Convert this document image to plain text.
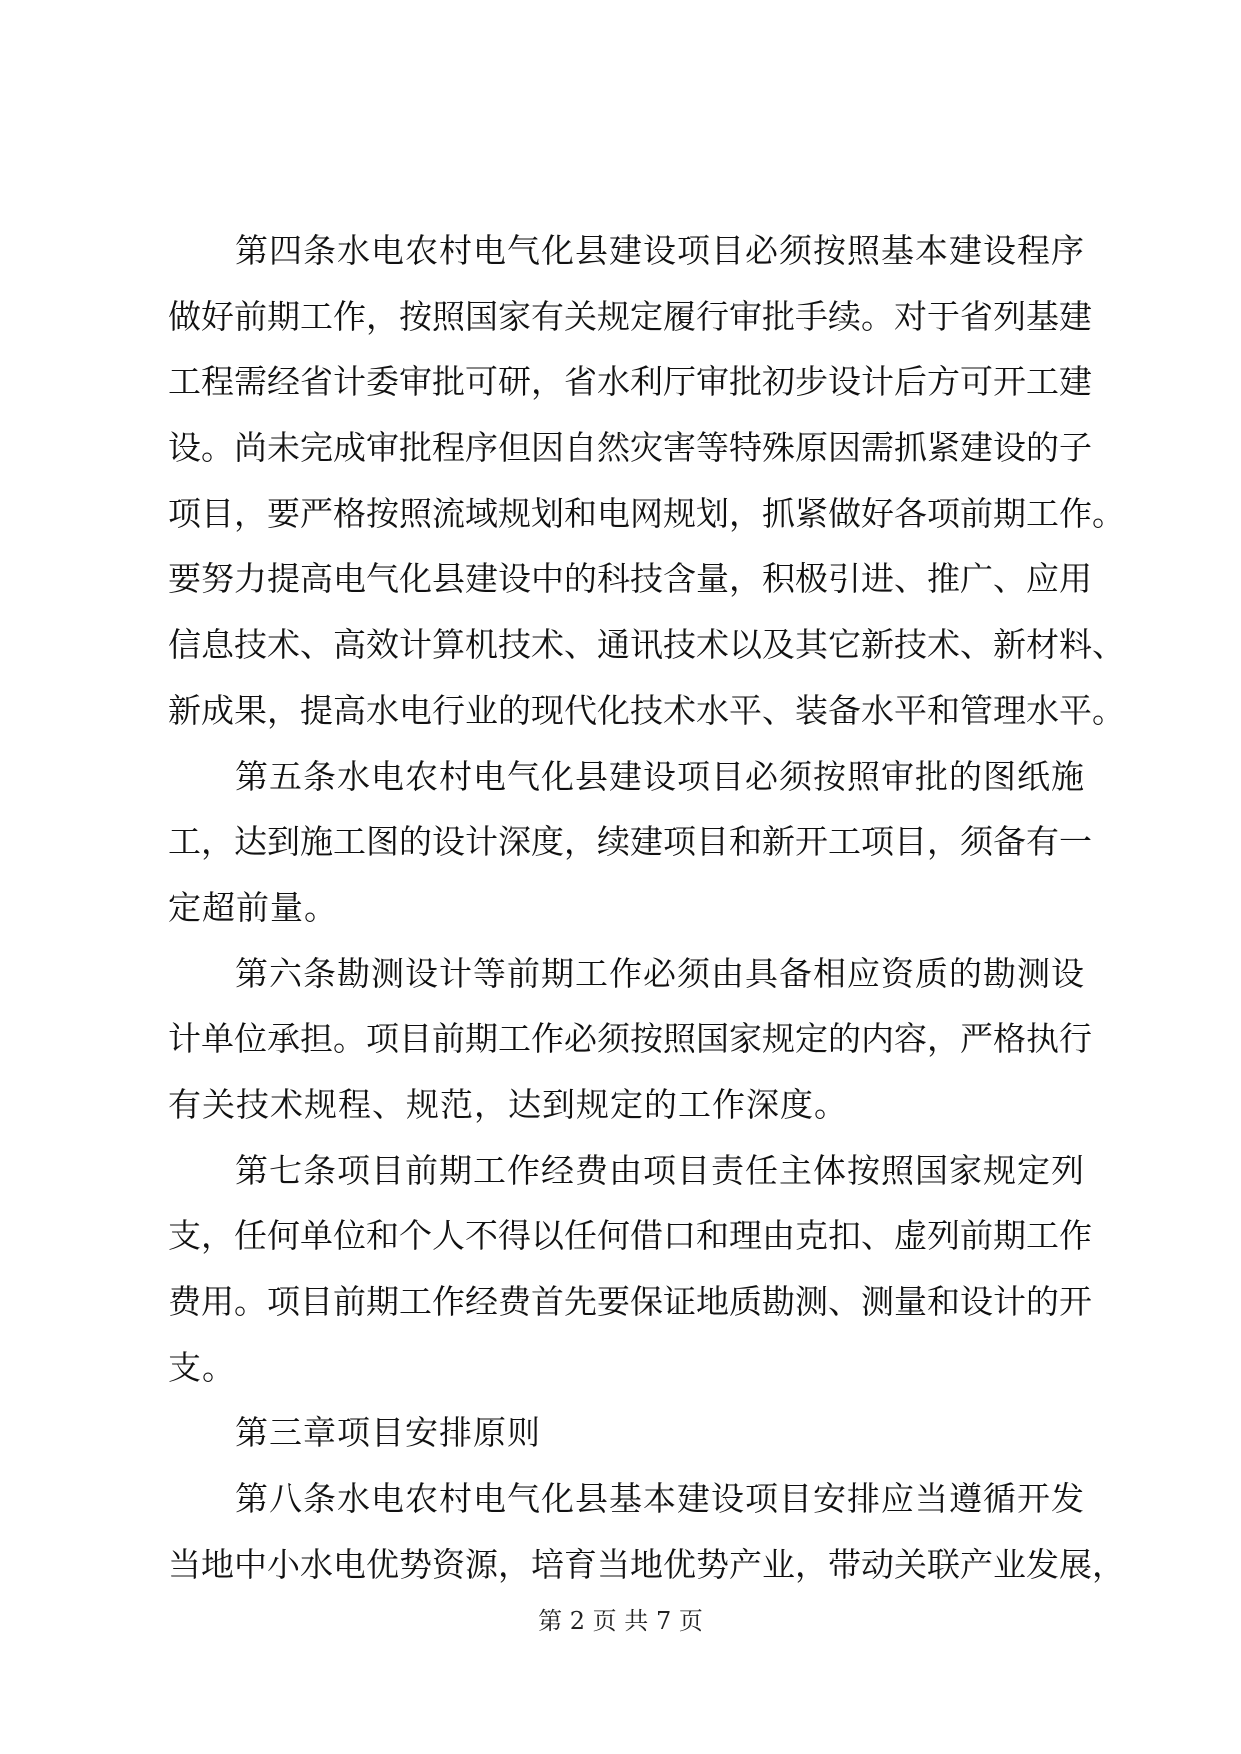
第四条水电农村电气化县建设项目必须按照基本建设程序
做好前期工作，按照国家有关规定履行审批手续。对于省列基建
工程需经省计委审批可研，省水利厅审批初步设计后方可开工建
设。尚未完成审批程序但因自然灾害等特殊原因需抓紧建设的子
项目，要严格按照流域规划和电网规划，抓紧做好各项前期工作。
要努力提高电气化县建设中的科技含量，积极引进、推广、应用
信息技术、高效计算机技术、通讯技术以及其它新技术、新材料、
新成果，提高水电行业的现代化技术水平、装备水平和管理水平。
第五条水电农村电气化县建设项目必须按照审批的图纸施
工，达到施工图的设计深度，续建项目和新开工项目，须备有一
定超前量。
第六条勘测设计等前期工作必须由具备相应资质的勘测设
计单位承担。项目前期工作必须按照国家规定的内容，严格执行
有关技术规程、规范，达到规定的工作深度。
第七条项目前期工作经费由项目责任主体按照国家规定列
支，任何单位和个人不得以任何借口和理由克扣、虚列前期工作
费用。项目前期工作经费首先要保证地质勘测、测量和设计的开
支。
第三章项目安排原则
第八条水电农村电气化县基本建设项目安排应当遵循开发
当地中小水电优势资源，培育当地优势产业，带动关联产业发展，
第 2 页 共 7 页
